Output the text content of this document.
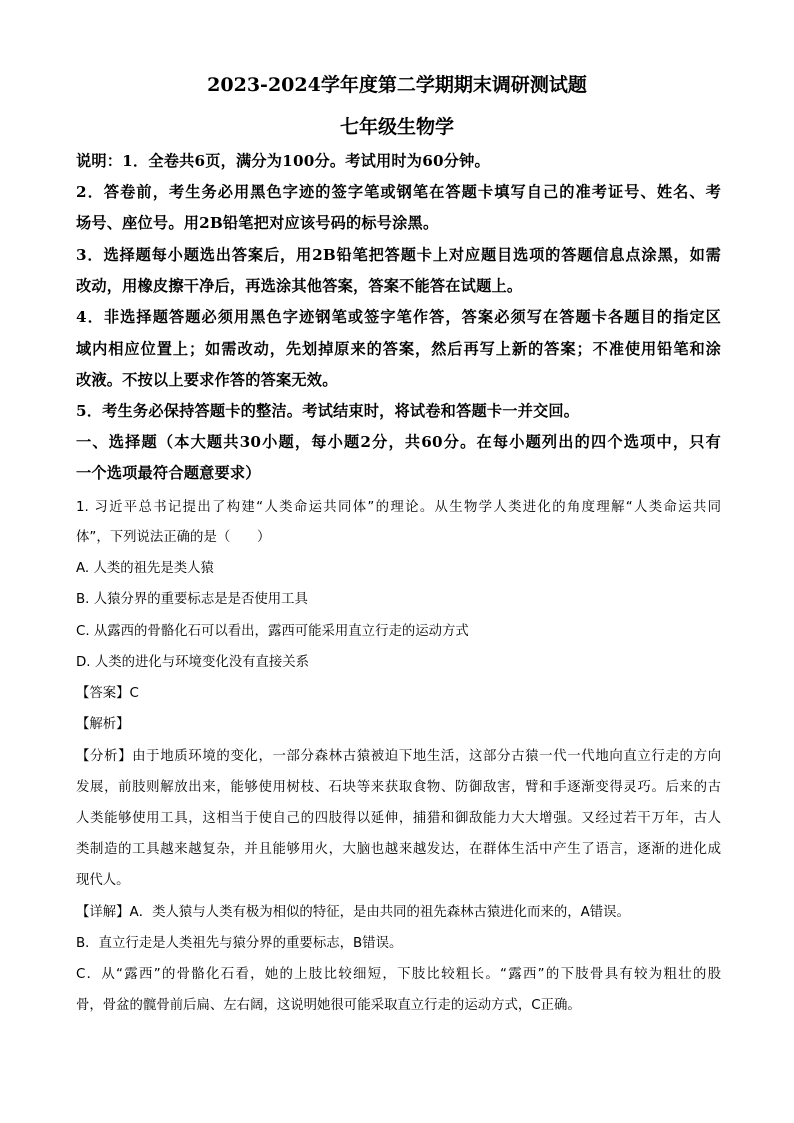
2023-2024学年度第二学期期末调研测试题
七年级生物学
说明：1．全卷共6页，满分为100分。考试用时为60分钟。
2．答卷前，考生务必用黑色字迹的签字笔或钢笔在答题卡填写自己的准考证号、姓名、考
场号、座位号。用2B铅笔把对应该号码的标号涂黑。
3．选择题每小题选出答案后，用2B铅笔把答题卡上对应题目选项的答题信息点涂黑，如需
改动，用橡皮擦干净后，再选涂其他答案，答案不能答在试题上。
4．非选择题答题必须用黑色字迹钢笔或签字笔作答，答案必须写在答题卡各题目的指定区
域内相应位置上；如需改动，先划掉原来的答案，然后再写上新的答案；不准使用铅笔和涂
改液。不按以上要求作答的答案无效。
5．考生务必保持答题卡的整洁。考试结束时，将试卷和答题卡一并交回。
一、选择题（本大题共30小题，每小题2分，共60分。在每小题列出的四个选项中，只有
一个选项最符合题意要求）
1. 习近平总书记提出了构建“人类命运共同体”的理论。从生物学人类进化的角度理解“人类命运共同
体”，下列说法正确的是（　　）
A. 人类的祖先是类人猿
B. 人猿分界的重要标志是是否使用工具
C. 从露西的骨骼化石可以看出，露西可能采用直立行走的运动方式
D. 人类的进化与环境变化没有直接关系
【答案】C
【解析】
【分析】由于地质环境的变化，一部分森林古猿被迫下地生活，这部分古猿一代一代地向直立行走的方向
发展，前肢则解放出来，能够使用树枝、石块等来获取食物、防御敌害，臂和手逐渐变得灵巧。后来的古
人类能够使用工具，这相当于使自己的四肢得以延伸，捕猎和御敌能力大大增强。又经过若干万年，古人
类制造的工具越来越复杂，并且能够用火，大脑也越来越发达，在群体生活中产生了语言，逐渐的进化成
现代人。
【详解】A．类人猿与人类有极为相似的特征，是由共同的祖先森林古猿进化而来的，A错误。
B．直立行走是人类祖先与猿分界的重要标志，B错误。
C．从“露西”的骨骼化石看，她的上肢比较细短，下肢比较粗长。“露西”的下肢骨具有较为粗壮的股
骨，骨盆的髋骨前后扁、左右阔，这说明她很可能采取直立行走的运动方式，C正确。
